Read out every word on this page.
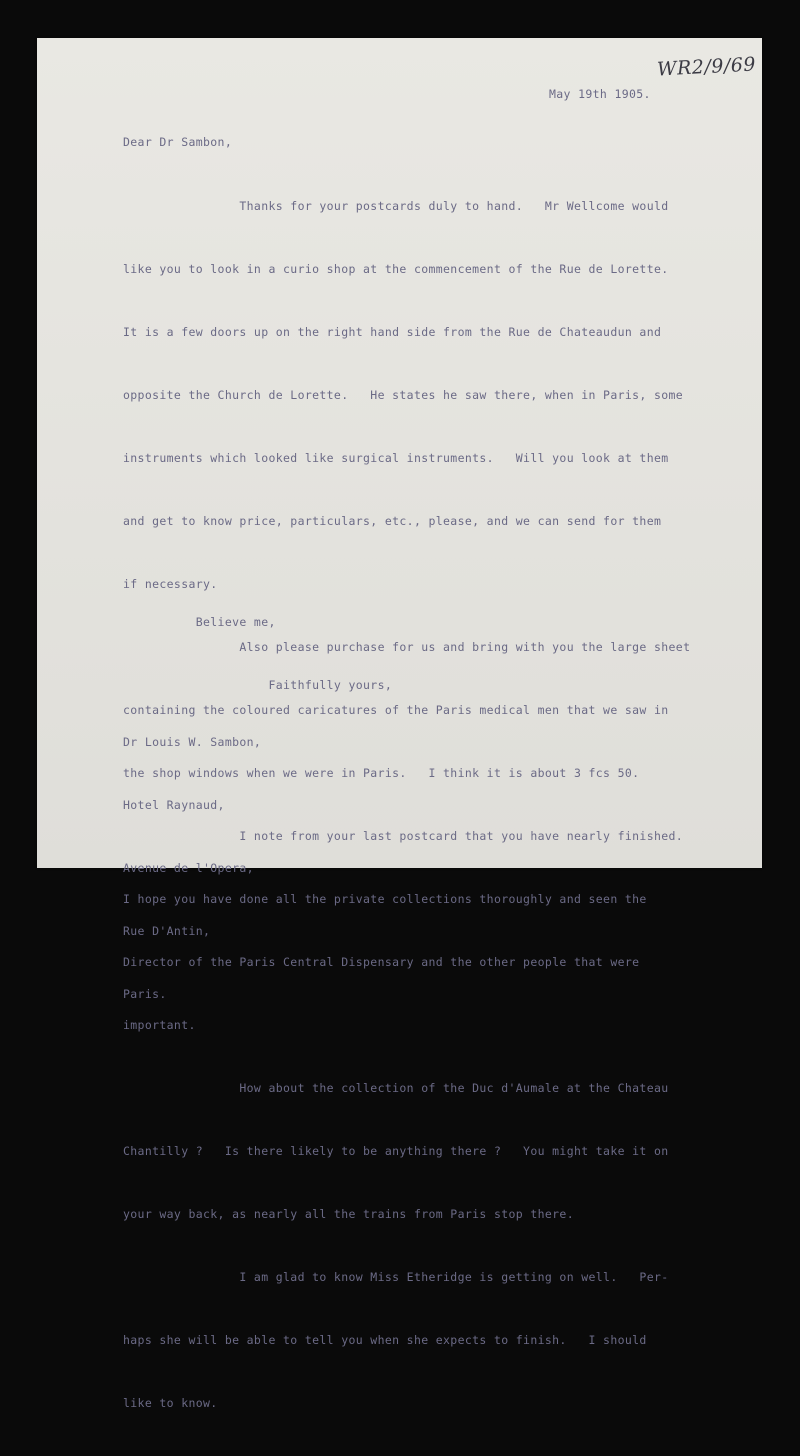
WR2/9/69
May 19th 1905.
Dear Dr Sambon,

Thanks for your postcards duly to hand.   Mr Wellcome would

like you to look in a curio shop at the commencement of the Rue de Lorette.

It is a few doors up on the right hand side from the Rue de Chateaudun and

opposite the Church de Lorette.   He states he saw there, when in Paris, some

instruments which looked like surgical instruments.   Will you look at them

and get to know price, particulars, etc., please, and we can send for them

if necessary.

Also please purchase for us and bring with you the large sheet

containing the coloured caricatures of the Paris medical men that we saw in

the shop windows when we were in Paris.   I think it is about 3 fcs 50.

I note from your last postcard that you have nearly finished.

I hope you have done all the private collections thoroughly and seen the

Director of the Paris Central Dispensary and the other people that were

important.

How about the collection of the Duc d'Aumale at the Chateau

Chantilly ?   Is there likely to be anything there ?   You might take it on

your way back, as nearly all the trains from Paris stop there.

I am glad to know Miss Etheridge is getting on well.   Per-

haps she will be able to tell you when she expects to finish.   I should

like to know.

Believe me,

Faithfully yours,

Dr Louis W. Sambon,

Hotel Raynaud,

Avenue de l'Opera,

Rue D'Antin,

Paris.
